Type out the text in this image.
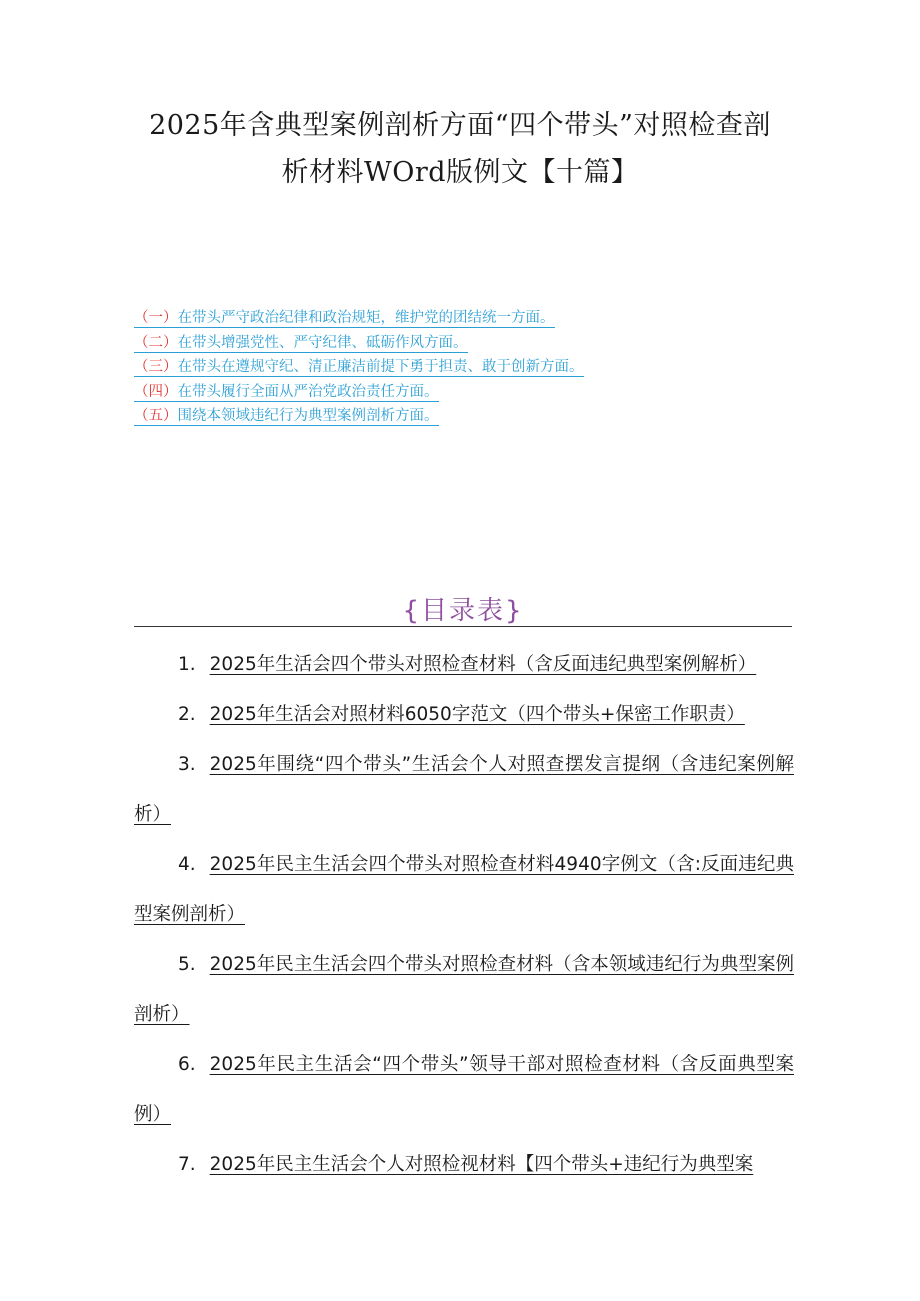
2025年含典型案例剖析方面“四个带头”对照检查剖
析材料WOrd版例文【十篇】
（一）在带头严守政治纪律和政治规矩，维护党的团结统一方面。
（二）在带头增强党性、严守纪律、砥砺作风方面。
（三）在带头在遵规守纪、清正廉洁前提下勇于担责、敢于创新方面。
（四）在带头履行全面从严治党政治责任方面。
（五）围绕本领域违纪行为典型案例剖析方面。
{目录表}
1. 2025年生活会四个带头对照检查材料（含反面违纪典型案例解析）
2. 2025年生活会对照材料6050字范文（四个带头+保密工作职责）
3. 2025年围绕“四个带头”生活会个人对照查摆发言提纲（含违纪案例解析）
4. 2025年民主生活会四个带头对照检查材料4940字例文（含:反面违纪典型案例剖析）
5. 2025年民主生活会四个带头对照检查材料（含本领域违纪行为典型案例剖析）
6. 2025年民主生活会“四个带头”领导干部对照检查材料（含反面典型案例）
7. 2025年民主生活会个人对照检视材料【四个带头+违纪行为典型案
